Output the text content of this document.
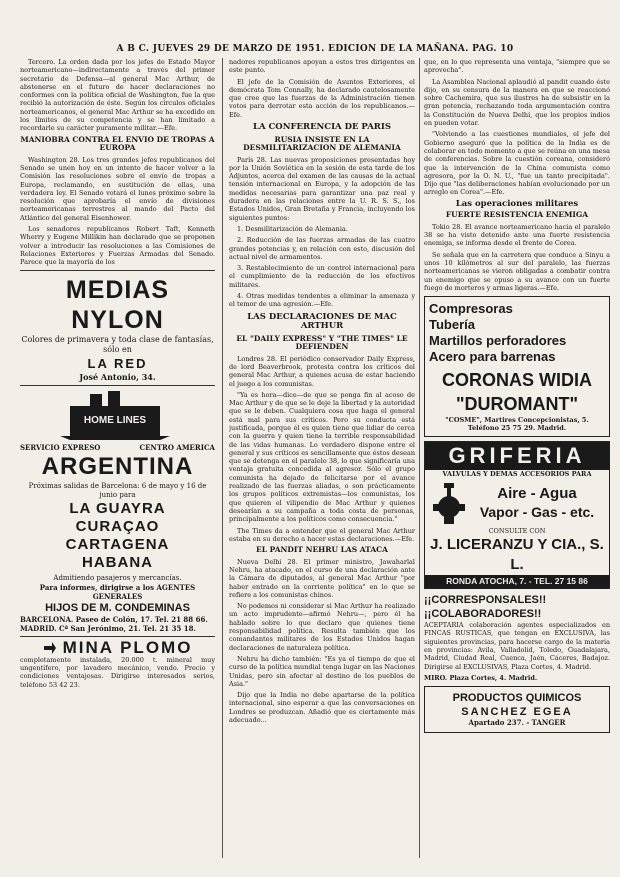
A B C. JUEVES 29 DE MARZO DE 1951. EDICION DE LA MAÑANA. PAG. 10

Tercero. La orden dada por los jefes de Estado Mayor norteamericano—indirectamente a través del primer secretario de Defensa—al general Mac Arthur, de abstenerse en el futuro de hacer declaraciones no conformes con la política oficial de Washington, fue la que recibió la autorización de éste. Según los círculos oficiales norteamericanos, el general Mac Arthur se ha excedido en los límites de su competencia y se han limitado a recordarle su carácter puramente militar.—Efe.

MANIOBRA CONTRA EL ENVIO DE TROPAS A EUROPA

Washington 28. Los tres grandes jefes republicanos del Senado se unen hoy en un intento de hacer volver a la Comisión las resoluciones sobre el envío de tropas a Europa, reclamando, en sustitución de ellas, una verdadera ley. El Senado votará el lunes próximo sobre la resolución que aprobaría el envío de divisiones norteamericanas terrestres al mando del Pacto del Atlántico del general Eisenhower.

Los senadores republicanos Robert Taft, Kenneth Wherry y Eugene Millikin han declarado que se proponen volver a introducir las resoluciones a las Comisiones de Relaciones Exteriores y Fuerzas Armadas del Senado. Parece que la mayoría de los

MEDIAS NYLON
Colores de primavera y toda clase de fantasías, sólo en
LA RED
José Antonio, 34.
HOME LINES
SERVICIO EXPRESO	CENTRO AMERICA
ARGENTINA
Próximas salidas de Barcelona: 6 de mayo y 16 de junio para
LA GUAYRA
CURAÇAO
CARTAGENA
HABANA
Admitiendo pasajeros y mercancías.
Para informes, dirigirse a los AGENTES GENERALES
HIJOS DE M. CONDEMINAS
BARCELONA. Paseo de Colón, 17. Tel. 21 88 66.
MADRID. Cª San Jerónimo, 21. Tel. 21 35 18.
MINA PLOMO

completamente instalada, 20.000 t. mineral muy ungentífero, por lavadero mecánico, vendo. Precio y condiciones ventajosas. Dirigirse interesados serios, teléfono 53 42 23.

nadores republicanos apoyan a estos tres dirigentes en este punto.

El jefe de la Comisión de Asuntos Exteriores, el demócrata Tom Connally, ha declarado cautelosamente que cree que las fuerzas de la Administración tienen votos para derrotar esta acción de los republicanos.—Efe.

LA CONFERENCIA DE PARIS
RUSIA INSISTE EN LA DESMILITARIZACION DE ALEMANIA

París 28. Las nuevas proposiciones presentadas hoy por la Unión Soviética en la sesión de esta tarde de los Adjuntos, acerca del examen de las causas de la actual tensión internacional en Europa, y la adopción de las medidas necesarias para garantizar una paz real y duradera en las relaciones entre la U. R. S. S., los Estados Unidos, Gran Bretaña y Francia, incluyendo los siguientes puntos:

1. Desmilitarización de Alemania.

2. Reducción de las fuerzas armadas de las cuatro grandes potencias y, en relación con esto, discusión del actual nivel de armamentos.

3. Restablecimiento de un control internacional para el cumplimiento de la reducción de los efectivos militares.

4. Otras medidas tendentes a eliminar la amenaza y el temor de una agresión.—Efe.

LAS DECLARACIONES DE MAC ARTHUR
EL "DAILY EXPRESS" Y "THE TIMES" LE DEFIENDEN

Londres 28. El periódico conservador Daily Express, de lord Beaverbrook, protesta contra los críticos del general Mac Arthur, a quienes acusa de estar haciendo el juego a los comunistas.

"Ya es hora—dice—de que se ponga fin al acoso de Mac Arthur y de que se le deje la libertad y la autoridad que se le deben. Cualquiera cosa que haga el general está mal para sus críticos. Pero su conducta está justificada, porque él es quien tiene que lidiar de cerca con la guerra y quien tiene la terrible responsabilidad de las vidas humanas. Lo verdadero dispone entre el general y sus críticos es sencillamente que éstos desean que se detenga en el paralelo 38, lo que significaría una ventaja gratuita concedida al agresor. Sólo el grupo comunista ha dejado de felicitarse por el avance realizado de las fuerzas aliadas, o son prácticamente los grupos políticos extremistas—los comunistas, los que quieren el vilipendio de Mac Arthur y quienes desearían a su campaña a toda costa de personas, principalmente a los políticos como consecuencia."

The Times da a entender que el general Mac Arthur estaba en su derecho a hacer estas declaraciones.—Efe.

EL PANDIT NEHRU LAS ATACA

Nueva Delhi 28. El primer ministro, Jawaharlal Nehru, ha atacado, en el curso de una declaración ante la Cámara de diputados, al general Mac Arthur "por haber entrado en la corriente política" en lo que se refiere a los comunistas chinos.

No podemos ni considerar si Mac Arthur ha realizado un acto imprudente—afirmó Nehru—, pero él ha hablado sobre lo que declaro que quienes tiene responsabilidad política. Resulta también que los comandantes militares de los Estados Unidos hagan declaraciones de naturaleza política.

Nehru ha dicho también: "Es ya el tiempo de que el curso de la política mundial tenga lugar en las Naciones Unidas, pero sin afectar al destino de los pueblos de Asia."

Dijo que la India no debe apartarse de la política internacional, sino esperar a que las conversaciones en Londres se produzcan. Añadió que es ciertamente más adecuado...

que, en lo que representa una ventaja, "siempre que se aprovecha".

La Asamblea Nacional aplaudió al pandit cuando éste dijo, en su censura de la manera en que se reaccionó sobre Cachemira, que sus ilustres ha de subsistir en la gran potencia, rechazando toda argumentación contra la Constitución de Nueva Delhi, que los propios indios en pueden votar.

"Volviendo a las cuestiones mundiales, el jefe del Gobierno aseguró que la política de la India es de colaborar en todo momento a que se reúna en una mesa de conferencias. Sobre la cuestión coreana, consideró que la intervención de la China comunista como agresora, por la O. N. U., "fue un tanto precipitada". Dijo que "las deliberaciones habían evolucionado por un arreglo en Corea".—Efe.

Las operaciones militares
FUERTE RESISTENCIA ENEMIGA

Tokio 28. El avance norteamericano hacia el paralelo 38 se ha visto detenido ante una fuerte resistencia enemiga, se informa desde el frente de Corea.

Se señala que en la carretera que conduce a Sinyu a unos 10 kilómetros al sur del paralelo, las fuerzas norteamericanas se vieron obligadas a combatir contra un enemigo que se opuso a su avance con un fuerte fuego de morteros y armas ligeras.—Efe.

Compresoras
Tubería
Martillos perforadores
Acero para barrenas
CORONAS WIDIA
"DUROMANT"
"COSME", Martires Concepcionistas, 5. Teléfono 25 75 29. Madrid.
GRIFERIA
VALVULAS Y DEMAS ACCESORIOS PARA
Aire - Agua
Vapor - Gas - etc.
CONSULTE CON
J. LICERANZU Y CIA., S. L.
RONDA ATOCHA, 7. - TEL. 27 15 86
¡¡CORRESPONSALES!!
¡¡COLABORADORES!!

ACEPTARIA colaboración agentes especializados en FINCAS RUSTICAS, que tengan en EXCLUSIVA, las siguientes provincias, para hacerse cargo de la materia en provincias: Avila, Valladolid, Toledo, Guadalajara, Madrid, Ciudad Real, Cuenca, Jaén, Cáceres, Badajoz. Dirigirse al EXCLUSIVAS, Plaza Cortes, 4. Madrid.

MIRO. Plaza Cortes, 4. Madrid.
PRODUCTOS QUIMICOS
SANCHEZ EGEA
Apartado 237. - TANGER
